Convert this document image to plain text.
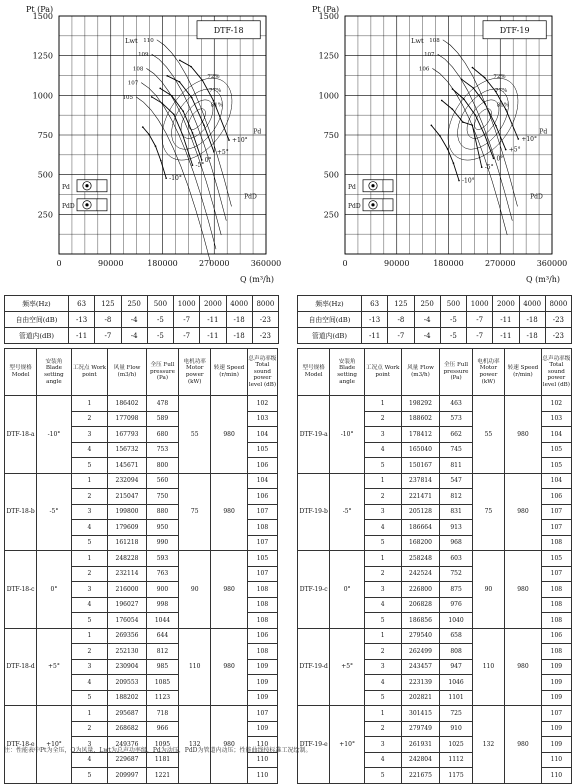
Pt (Pa)
1500
1250
1000
750
500
250
0	90000	180000	270000	360000
Q (m³/h)
DTF-18
-10°
-5°
0°
+5°
+10°
110
109
108
107
105
Lwt
72%
77%
81%
Pd
PdD
Pd
PdD
Pt (Pa)
1500
1250
1000
750
500
250
0	90000	180000	270000	360000
Q (m³/h)
DTF-19
-10°
-5°
0°
+5°
+10°
108
107
106
Lwt
72%
77%
81%
Pd
PdD
Pd
PdD
频率(Hz)	63	125	250	500	1000	2000	4000	8000
自由空间(dB)	-13	-8	-4	-5	-7	-11	-18	-23
管道内(dB)	-11	-7	-4	-5	-7	-11	-18	-23
频率(Hz)	63	125	250	500	1000	2000	4000	8000
自由空间(dB)	-13	-8	-4	-5	-7	-11	-18	-23
管道内(dB)	-11	-7	-4	-5	-7	-11	-18	-23
型号规格 Model	安装角 Blade setting angle	工况点 Work point	风量 Flow (m3/h)	全压 Full pressure (Pa)	电机功率 Motor power (kW)	转速 Speed (r/min)	总声功率级 Total sound power level (dB)
DTF-18-a	-10°	1	186402	478	55	980	102
		2	177098	589			103
		3	167793	680			104
		4	156732	753			105
		5	145671	800			106
DTF-18-b	-5°	1	232094	560	75	980	104
		2	215047	750			106
		3	199800	880			107
		4	179609	950			108
		5	161218	990			107
DTF-18-c	0°	1	248228	593	90	980	105
		2	232114	763			107
		3	216000	900			108
		4	196027	998			108
		5	176054	1044			108
DTF-18-d	+5°	1	269356	644	110	980	106
		2	252130	812			108
		3	230904	985			109
		4	209553	1085			109
		5	188202	1123			109
DTF-18-e	+10°	1	295687	718	132	980	107
		2	268682	966			109
		3	249376	1095			110
		4	229687	1181			110
		5	209997	1221			110
型号规格 Model	安装角 Blade setting angle	工况点 Work point	风量 Flow (m3/h)	全压 Full pressure (Pa)	电机功率 Motor power (kW)	转速 Speed (r/min)	总声功率级 Total sound power level (dB)
DTF-19-a	-10°	1	198292	463	55	980	102
		2	188602	573			103
		3	178412	662			104
		4	165040	745			105
		5	150167	811			105
DTF-19-b	-5°	1	237814	547	75	980	104
		2	221471	812			106
		3	205128	831			107
		4	186664	913			107
		5	168200	968			108
DTF-19-c	0°	1	258248	603	90	980	105
		2	242524	752			107
		3	226800	875			108
		4	206828	976			108
		5	186856	1040			108
DTF-19-d	+5°	1	279540	658	110	980	106
		2	262499	808			108
		3	243457	947			109
		4	223139	1046			109
		5	202821	1101			109
DTF-19-e	+10°	1	301415	725	132	980	107
		2	279749	910			109
		3	261931	1025			109
		4	242804	1112			110
		5	221675	1175			110
注：性能表中Pt为全压，Q为风量，Lwt为总声功率级，Pd为动压，PdD为管道内动压；性能曲线按标准工况绘制。
